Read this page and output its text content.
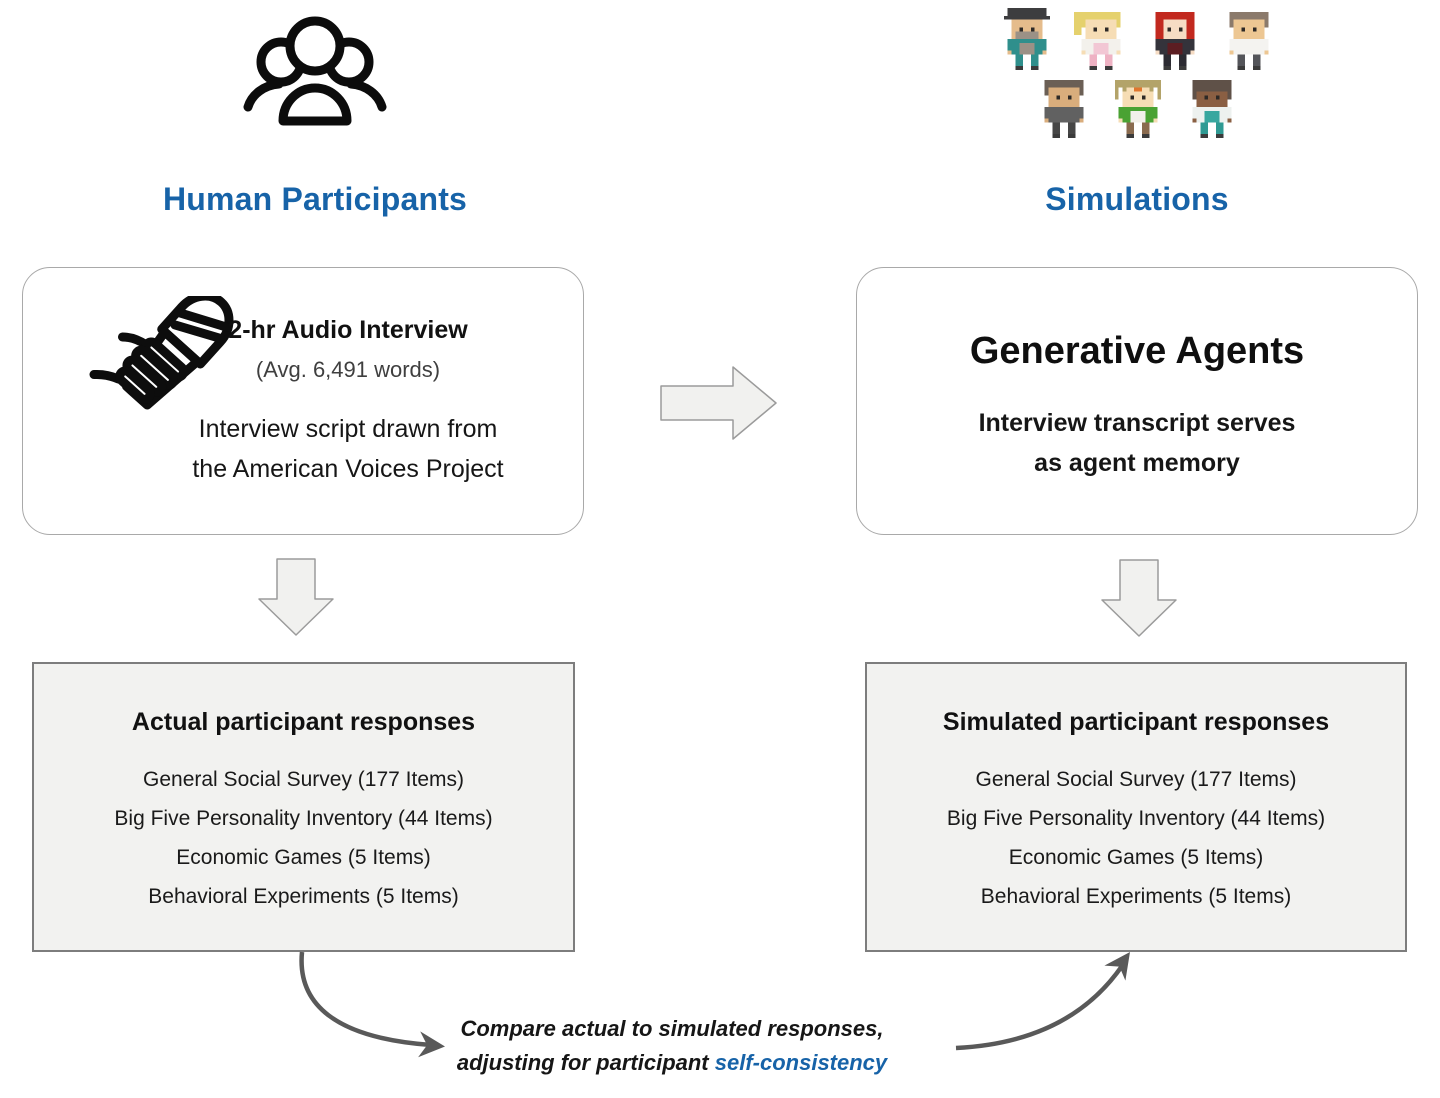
Human Participants	Simulations
2-hr Audio Interview
(Avg. 6,491 words)
Interview script drawn from
the American Voices Project
Generative Agents
Interview transcript serves
as agent memory
Actual participant responses
General Social Survey (177 Items)
Big Five Personality Inventory (44 Items)
Economic Games (5 Items)
Behavioral Experiments (5 Items)
Simulated participant responses
General Social Survey (177 Items)
Big Five Personality Inventory (44 Items)
Economic Games (5 Items)
Behavioral Experiments (5 Items)
Compare actual to simulated responses,
adjusting for participant self-consistency
